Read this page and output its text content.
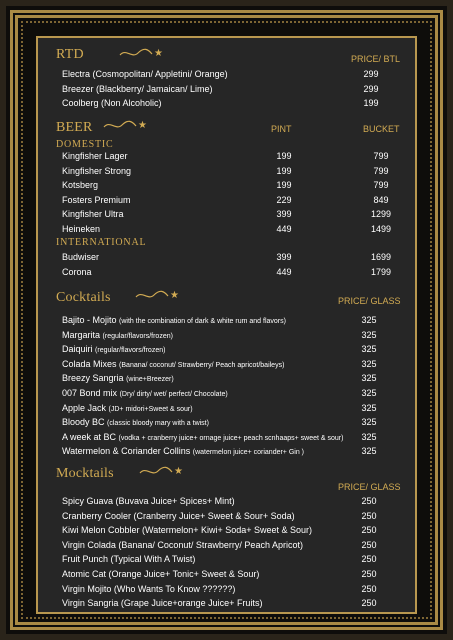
RTD	★	PRICE/ BTL
Electra (Cosmopolitan/ Appletini/ Orange)	299
Breezer (Blackberry/ Jamaican/ Lime)	299
Coolberg (Non Alcoholic)	199
BEER	★	PINT	BUCKET
DOMESTIC
Kingfisher Lager	199	799
Kingfisher Strong	199	799
Kotsberg	199	799
Fosters Premium	229	849
Kingfisher Ultra	399	1299
Heineken	449	1499
INTERNATIONAL
Budwiser	399	1699
Corona	449	1799
Cocktails	★	PRICE/ GLASS
Bajito - Mojito (with the combination of dark & white rum and flavors)	325
Margarita (regular/flavors/frozen)	325
Daiquiri (regular/flavors/frozen)	325
Colada Mixes (Banana/ coconut/ Strawberry/ Peach apricot/baileys)	325
Breezy Sangria (wine+Breezer)	325
007 Bond mix (Dry/ dirty/ wet/ perfect/ Chocolate)	325
Apple Jack (JD+ midori+Sweet & sour)	325
Bloody BC (classic bloody mary with a twist)	325
A week at BC (vodka + cranberry juice+ ornage juice+ peach scnhaaps+ sweet & sour)	325
Watermelon & Coriander Collins (watermelon juice+ coriander+ Gin )	325
Mocktails	★
PRICE/ GLASS
Spicy Guava (Buvava Juice+ Spices+ Mint)	250
Cranberry Cooler (Cranberry Juice+ Sweet & Sour+ Soda)	250
Kiwi Melon Cobbler (Watermelon+ Kiwi+ Soda+ Sweet & Sour)	250
Virgin Colada (Banana/ Coconut/ Strawberry/ Peach Apricot)	250
Fruit Punch (Typical With A Twist)	250
Atomic Cat (Orange Juice+ Tonic+ Sweet & Sour)	250
Virgin Mojito (Who Wants To Know ??????)	250
Virgin Sangria (Grape Juice+orange Juice+ Fruits)	250
